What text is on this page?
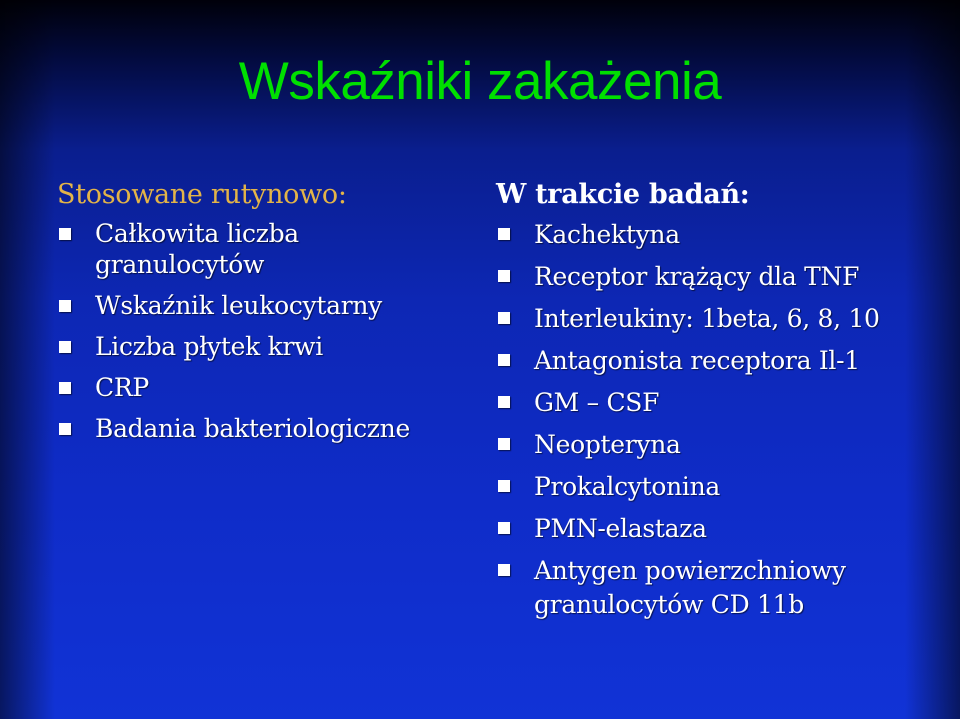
Wskaźniki zakażenia
Stosowane rutynowo:
Całkowita liczba granulocytów
Wskaźnik leukocytarny
Liczba płytek krwi
CRP
Badania bakteriologiczne
W trakcie badań:
Kachektyna
Receptor krążący dla TNF
Interleukiny: 1beta, 6, 8, 10
Antagonista receptora Il-1
GM – CSF
Neopteryna
Prokalcytonina
PMN-elastaza
Antygen powierzchniowy granulocytów CD 11b
